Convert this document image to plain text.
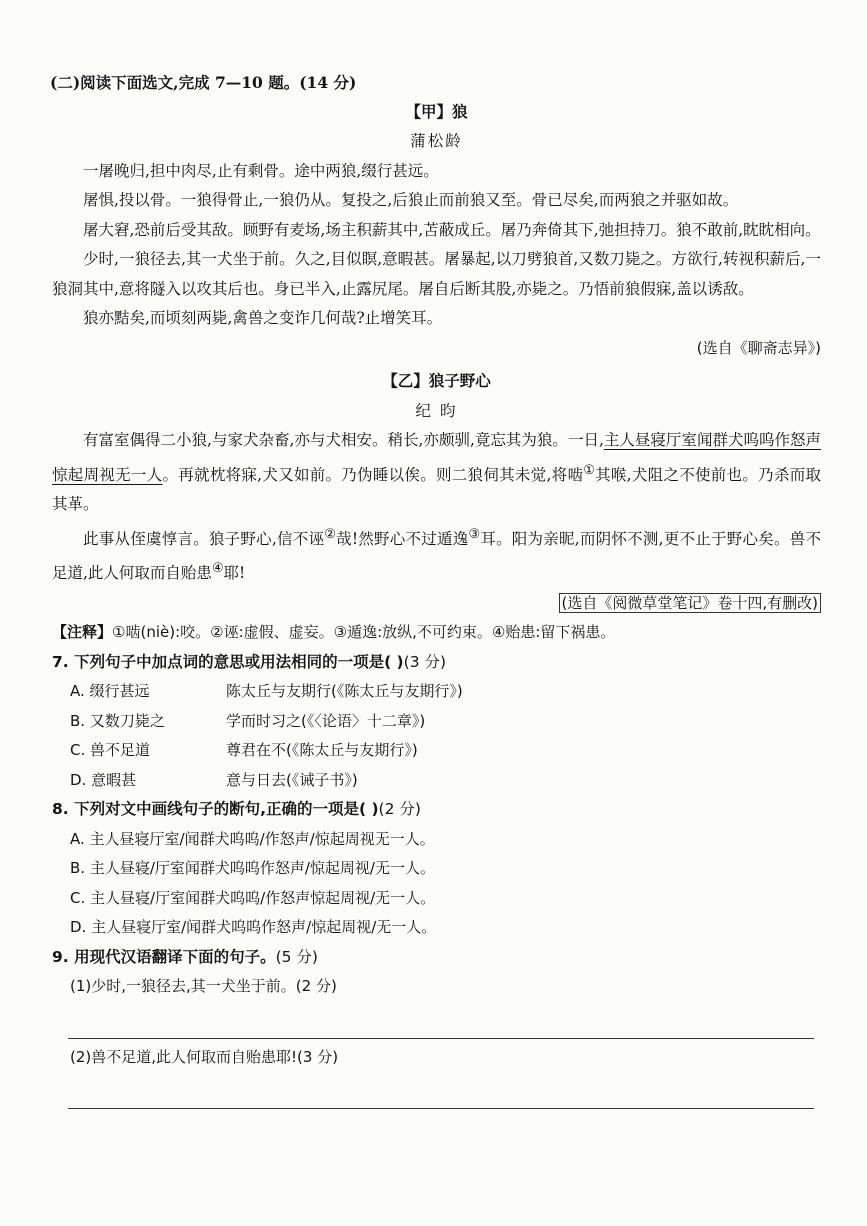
(二)阅读下面选文,完成 7—10 题。(14 分)
【甲】狼
蒲松龄

一屠晚归,担中肉尽,止有剩骨。途中两狼,缀行甚远。

屠惧,投以骨。一狼得骨止,一狼仍从。复投之,后狼止而前狼又至。骨已尽矣,而两狼之并驱如故。

屠大窘,恐前后受其敌。顾野有麦场,场主积薪其中,苫蔽成丘。屠乃奔倚其下,弛担持刀。狼不敢前,眈眈相向。

少时,一狼径去,其一犬坐于前。久之,目似瞑,意暇甚。屠暴起,以刀劈狼首,又数刀毙之。方欲行,转视积薪后,一狼洞其中,意将隧入以攻其后也。身已半入,止露尻尾。屠自后断其股,亦毙之。乃悟前狼假寐,盖以诱敌。

狼亦黠矣,而顷刻两毙,禽兽之变诈几何哉?止增笑耳。

(选自《聊斋志异》)
【乙】狼子野心
纪 昀

有富室偶得二小狼,与家犬杂畜,亦与犬相安。稍长,亦颇驯,竟忘其为狼。一日,主人昼寝厅室闻群犬呜呜作怒声惊起周视无一人。再就枕将寐,犬又如前。乃伪睡以俟。则二狼伺其未觉,将啮①其喉,犬阻之不使前也。乃杀而取其革。

此事从侄虞惇言。狼子野心,信不诬②哉!然野心不过遁逸③耳。阳为亲昵,而阴怀不测,更不止于野心矣。兽不足道,此人何取而自贻患④耶!

(选自《阅微草堂笔记》卷十四,有删改)
【注释】①啮(niè):咬。②诬:虚假、虚妄。③遁逸:放纵,不可约束。④贻患:留下祸患。
7. 下列句子中加点词的意思或用法相同的一项是( )(3 分)
A. 缀行甚远	陈太丘与友期行(《陈太丘与友期行》)
B. 又数刀毙之	学而时习之(《〈论语〉十二章》)
C. 兽不足道	尊君在不(《陈太丘与友期行》)
D. 意暇甚	意与日去(《诫子书》)
8. 下列对文中画线句子的断句,正确的一项是( )(2 分)
A. 主人昼寝厅室/闻群犬呜呜/作怒声/惊起周视无一人。
B. 主人昼寝/厅室闻群犬呜呜作怒声/惊起周视/无一人。
C. 主人昼寝/厅室闻群犬呜呜/作怒声惊起周视/无一人。
D. 主人昼寝厅室/闻群犬呜呜作怒声/惊起周视/无一人。
9. 用现代汉语翻译下面的句子。(5 分)
(1)少时,一狼径去,其一犬坐于前。(2 分)
(2)兽不足道,此人何取而自贻患耶!(3 分)
